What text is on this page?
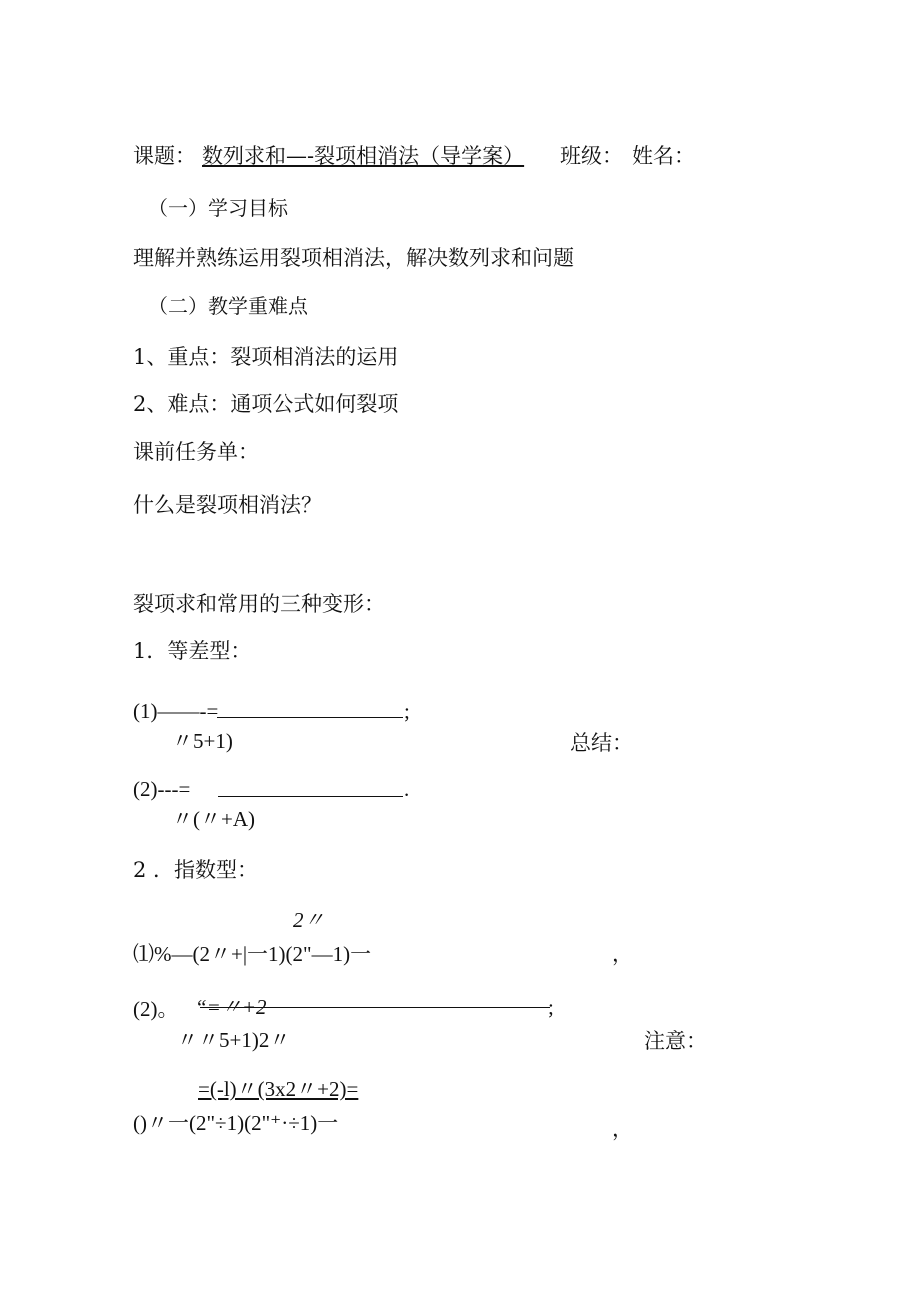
课题： 数列求和—-裂项相消法（导学案） 班级： 姓名：
（一）学习目标
理解并熟练运用裂项相消法，解决数列求和问题
（二）教学重难点
1、重点：裂项相消法的运用
2、难点：通项公式如何裂项
课前任务单：
什么是裂项相消法？
裂项求和常用的三种变形：
1．等差型：
(1)——-=	;
〃5+1)	总结：
(2)---=	.
〃(〃+A)
2 ．指数型：
2〃
⑴%—(2〃+|一1)(2"—1)一	，
(2)。 “=〃+2	;
〃〃5+1)2〃	注意：
=(-l)〃(3x2〃+2)=
()〃一(2"÷1)(2"⁺·÷1)一	，
